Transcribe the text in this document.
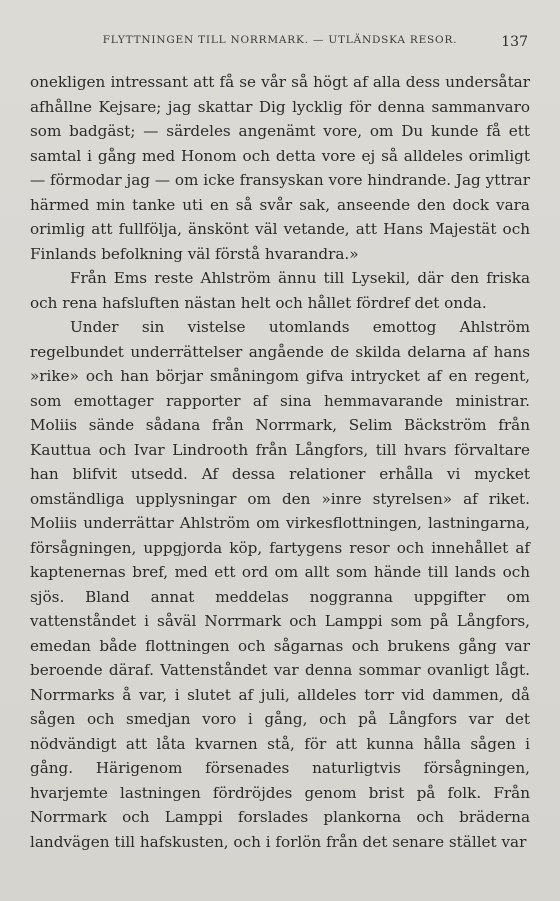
FLYTTNINGEN TILL NORRMARK. — UTLÄNDSKA RESOR.	137

onekligen intressant att få se vår så högt af alla dess undersåtar afhållne Kejsare; jag skattar Dig lycklig för denna sammanvaro som badgäst; — särdeles angenämt vore, om Du kunde få ett samtal i gång med Honom och detta vore ej så alldeles orimligt — förmodar jag — om icke fransyskan vore hindrande. Jag yttrar härmed min tanke uti en så svår sak, anseende den dock vara orimlig att fullfölja, änskönt väl vetande, att Hans Majestät och Finlands befolkning väl förstå hvarandra.»

Från Ems reste Ahlström ännu till Lysekil, där den friska och rena hafsluften nästan helt och hållet fördref det onda.

Under sin vistelse utomlands emottog Ahlström regelbundet underrättelser angående de skilda delarna af hans »rike» och han börjar småningom gifva intrycket af en regent, som emottager rapporter af sina hemmavarande ministrar. Moliis sände sådana från Norrmark, Selim Bäckström från Kauttua och Ivar Lindrooth från Långfors, till hvars förvaltare han blifvit utsedd. Af dessa relationer erhålla vi mycket omständliga upplysningar om den »inre styrelsen» af riket. Moliis underrättar Ahlström om virkesflottningen, lastningarna, försågningen, uppgjorda köp, fartygens resor och innehållet af kaptenernas bref, med ett ord om allt som hände till lands och sjös. Bland annat meddelas noggranna uppgifter om vattenståndet i såväl Norrmark och Lamppi som på Långfors, emedan både flottningen och sågarnas och brukens gång var beroende däraf. Vattenståndet var denna sommar ovanligt lågt. Norrmarks å var, i slutet af juli, alldeles torr vid dammen, då sågen och smedjan voro i gång, och på Långfors var det nödvändigt att låta kvarnen stå, för att kunna hålla sågen i gång. Härigenom försenades naturligtvis försågningen, hvarjemte lastningen fördröjdes genom brist på folk. Från Norrmark och Lamppi forslades plankorna och bräderna landvägen till hafskusten, och i forlön från det senare stället var
